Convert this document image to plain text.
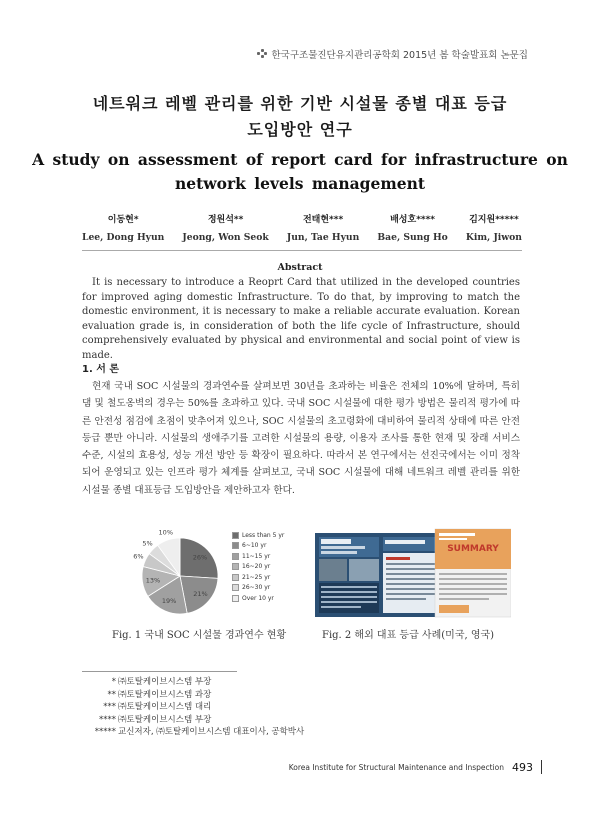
한국구조물진단유지관리공학회 2015년 봄 학술발표회 논문집
네트워크 레벨 관리를 위한 기반 시설물 종별 대표 등급
도입방안 연구
A study on assessment of report card for infrastructure on
network levels management
이동현*
Lee, Dong Hyun
정원석**
Jeong, Won Seok
전태현***
Jun, Tae Hyun
배성호****
Bae, Sung Ho
김지원*****
Kim, Jiwon
Abstract
It is necessary to introduce a Reoprt Card that utilized in the developed countries for improved aging domestic Infrastructure. To do that, by improving to match the domestic environment, it is necessary to make a reliable accurate evaluation. Korean evaluation grade is, in consideration of both the life cycle of Infrastructure, should comprehensively evaluated by physical and environmental and social point of view is made.
1. 서 론
현재 국내 SOC 시설물의 경과연수를 살펴보면 30년을 초과하는 비율은 전체의 10%에 달하며, 특히 댐 및 철도옹벽의 경우는 50%를 초과하고 있다. 국내 SOC 시설물에 대한 평가 방법은 물리적 평가에 따른 안전성 점검에 초점이 맞추어져 있으나, SOC 시설물의 초고령화에 대비하여 물리적 상태에 따른 안전등급 뿐만 아니라. 시설물의 생애주기를 고려한 시설물의 용량, 이용자 조사를 통한 현재 및 장래 서비스 수준, 시설의 효용성, 성능 개선 방안 등 확장이 필요하다. 따라서 본 연구에서는 선진국에서는 이미 정착되어 운영되고 있는 인프라 평가 체계를 살펴보고, 국내 SOC 시설물에 대해 네트워크 레벨 관리를 위한 시설물 종별 대표등급 도입방안을 제안하고자 한다.
26%
21%
19%
13%
6%
5%
10%	Less than 5 yr
6~10 yr
11~15 yr
16~20 yr
21~25 yr
26~30 yr
Over 10 yr
SUMMARY
Fig. 1 국내 SOC 시설물 경과연수 현황	Fig. 2 해외 대표 등급 사례(미국, 영국)
* ㈜토탈케이브시스템 부장
** ㈜토탈케이브시스템 과장
*** ㈜토탈케이브시스템 대리
**** ㈜토탈케이브시스템 부장
***** 교신저자, ㈜토탈케이브시스템 대표이사, 공학박사
Korea Institute for Structural Maintenance and Inspection 493
